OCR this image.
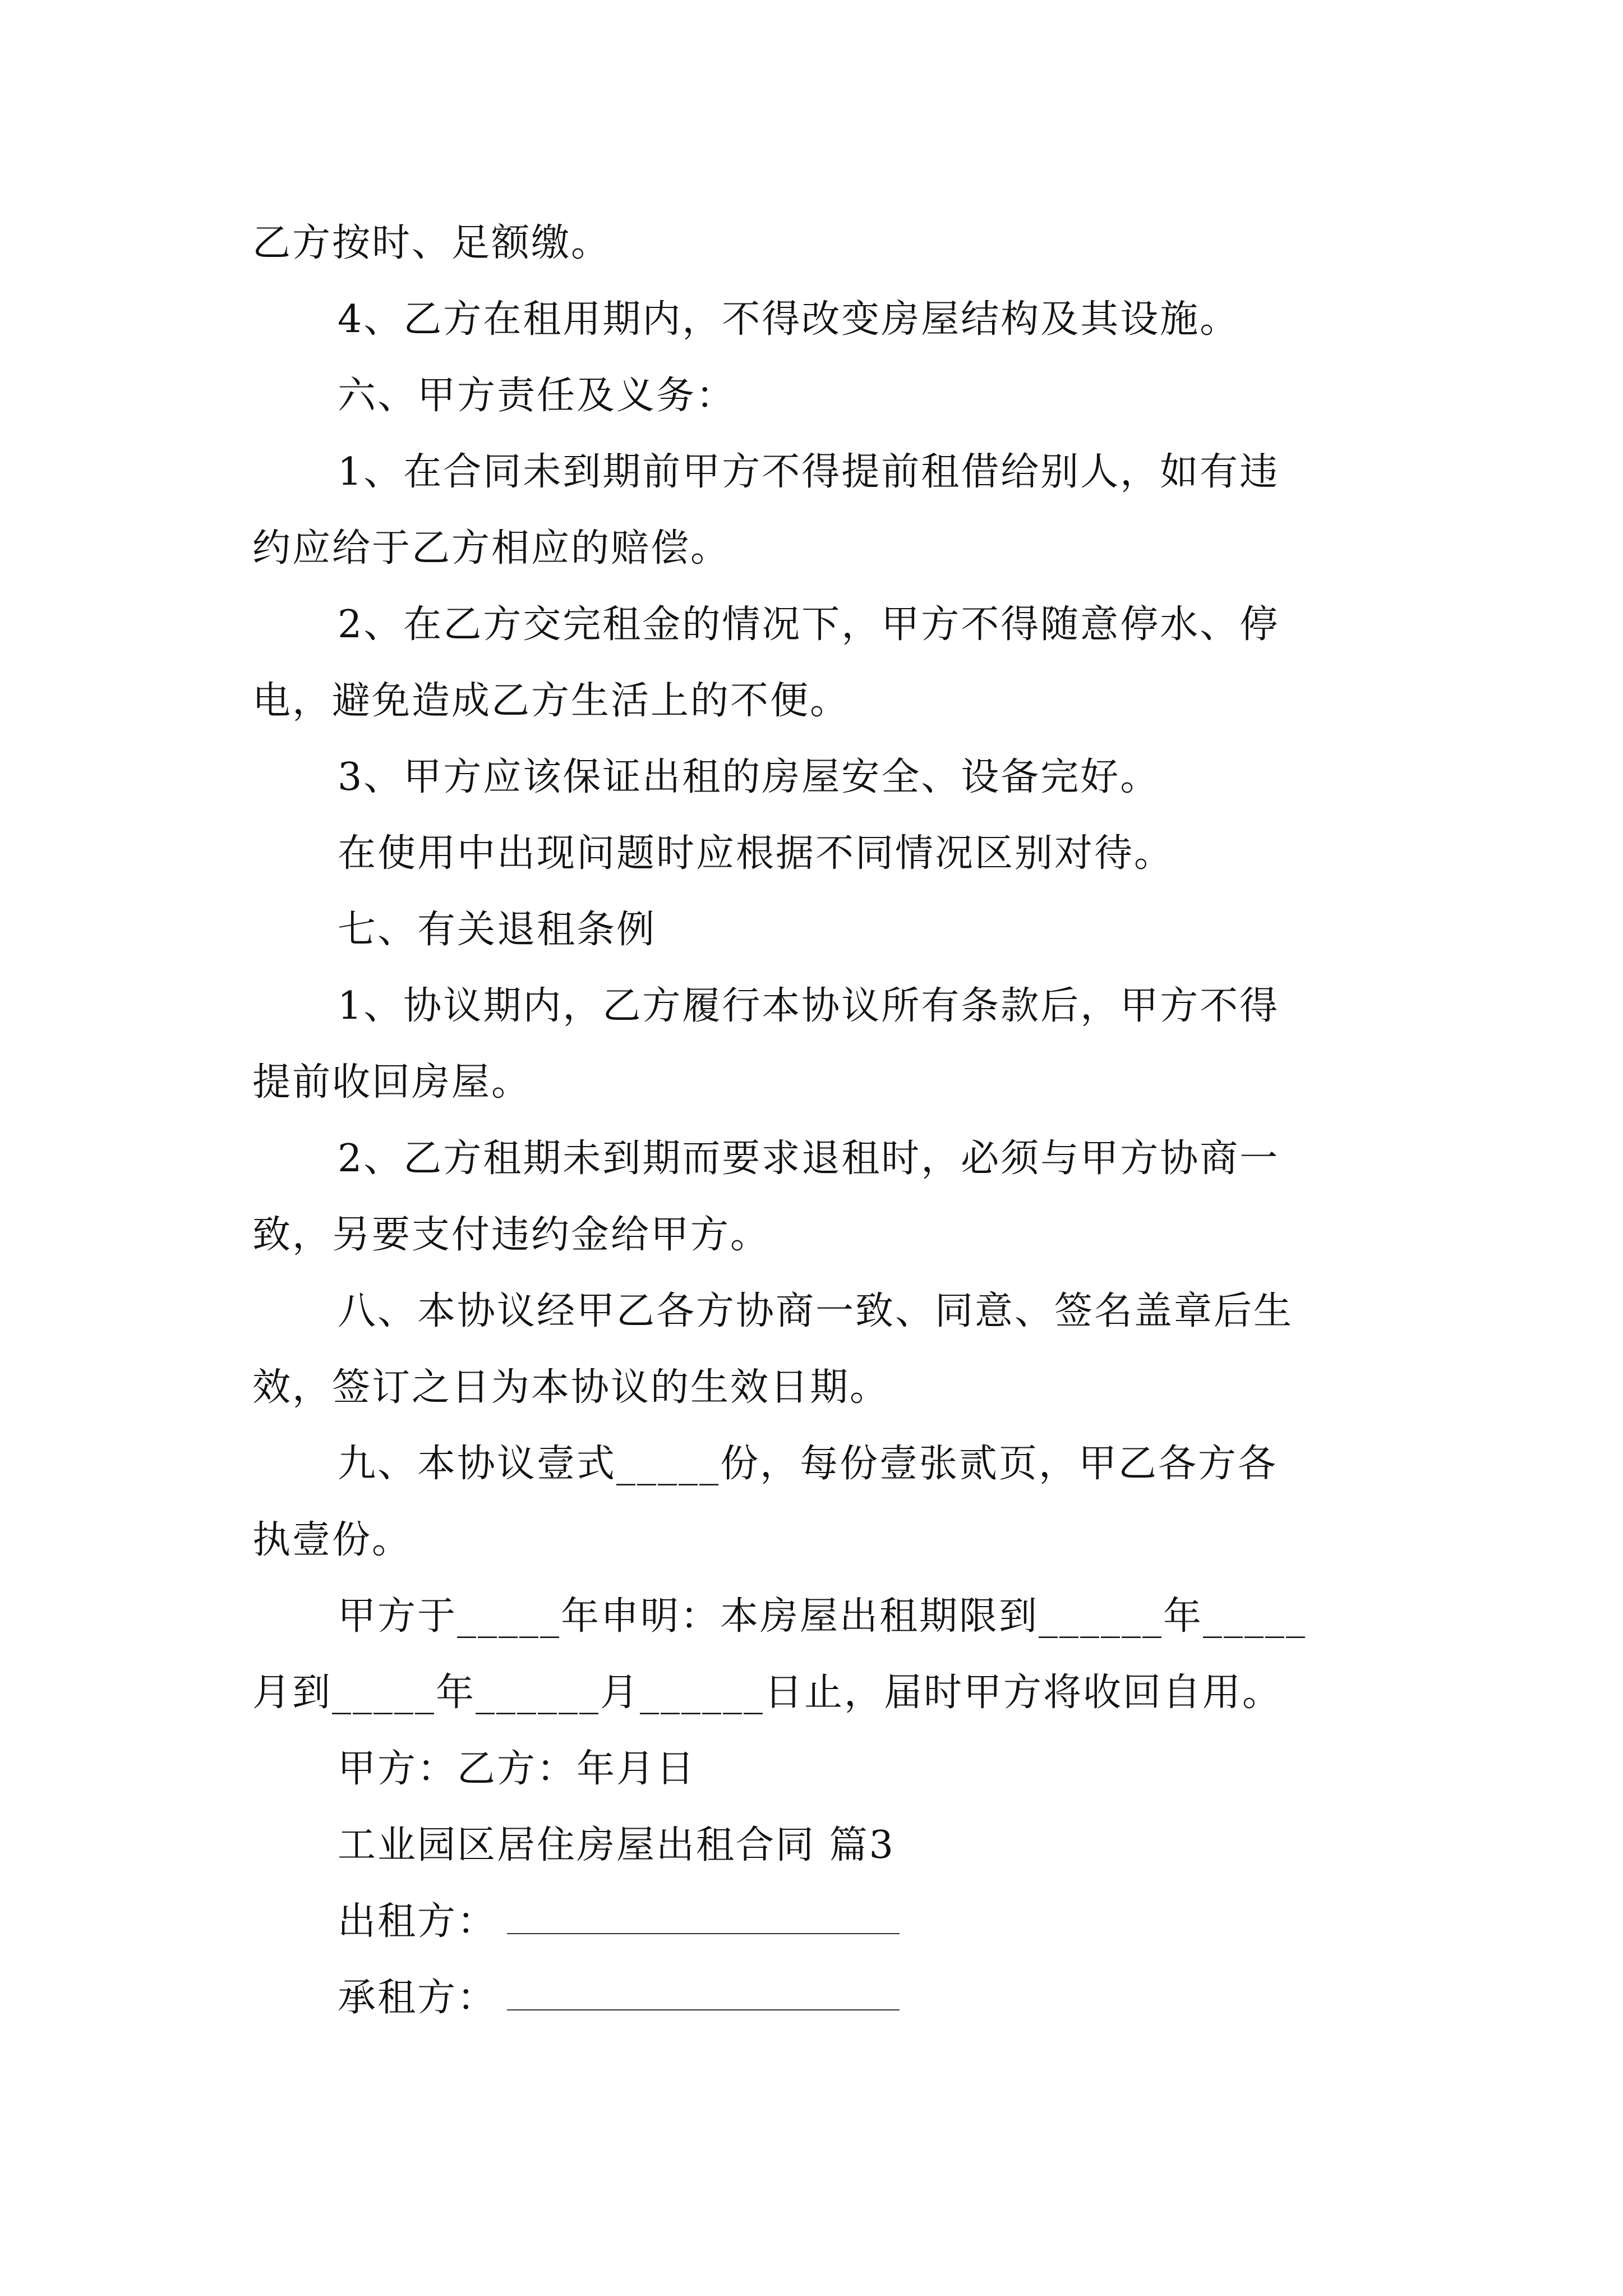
乙方按时、足额缴。
4、乙方在租用期内，不得改变房屋结构及其设施。
六、甲方责任及义务：
1、在合同未到期前甲方不得提前租借给别人，如有违
约应给于乙方相应的赔偿。
2、在乙方交完租金的情况下，甲方不得随意停水、停
电，避免造成乙方生活上的不便。
3、甲方应该保证出租的房屋安全、设备完好。
在使用中出现问题时应根据不同情况区别对待。
七、有关退租条例
1、协议期内，乙方履行本协议所有条款后，甲方不得
提前收回房屋。
2、乙方租期未到期而要求退租时，必须与甲方协商一
致，另要支付违约金给甲方。
八、本协议经甲乙各方协商一致、同意、签名盖章后生
效，签订之日为本协议的生效日期。
九、本协议壹式_____份，每份壹张贰页，甲乙各方各
执壹份。
甲方于_____年申明：本房屋出租期限到______年_____
月到_____年______月______日止，届时甲方将收回自用。
甲方：乙方：年月日
工业园区居住房屋出租合同 篇3
出租方：
承租方：
